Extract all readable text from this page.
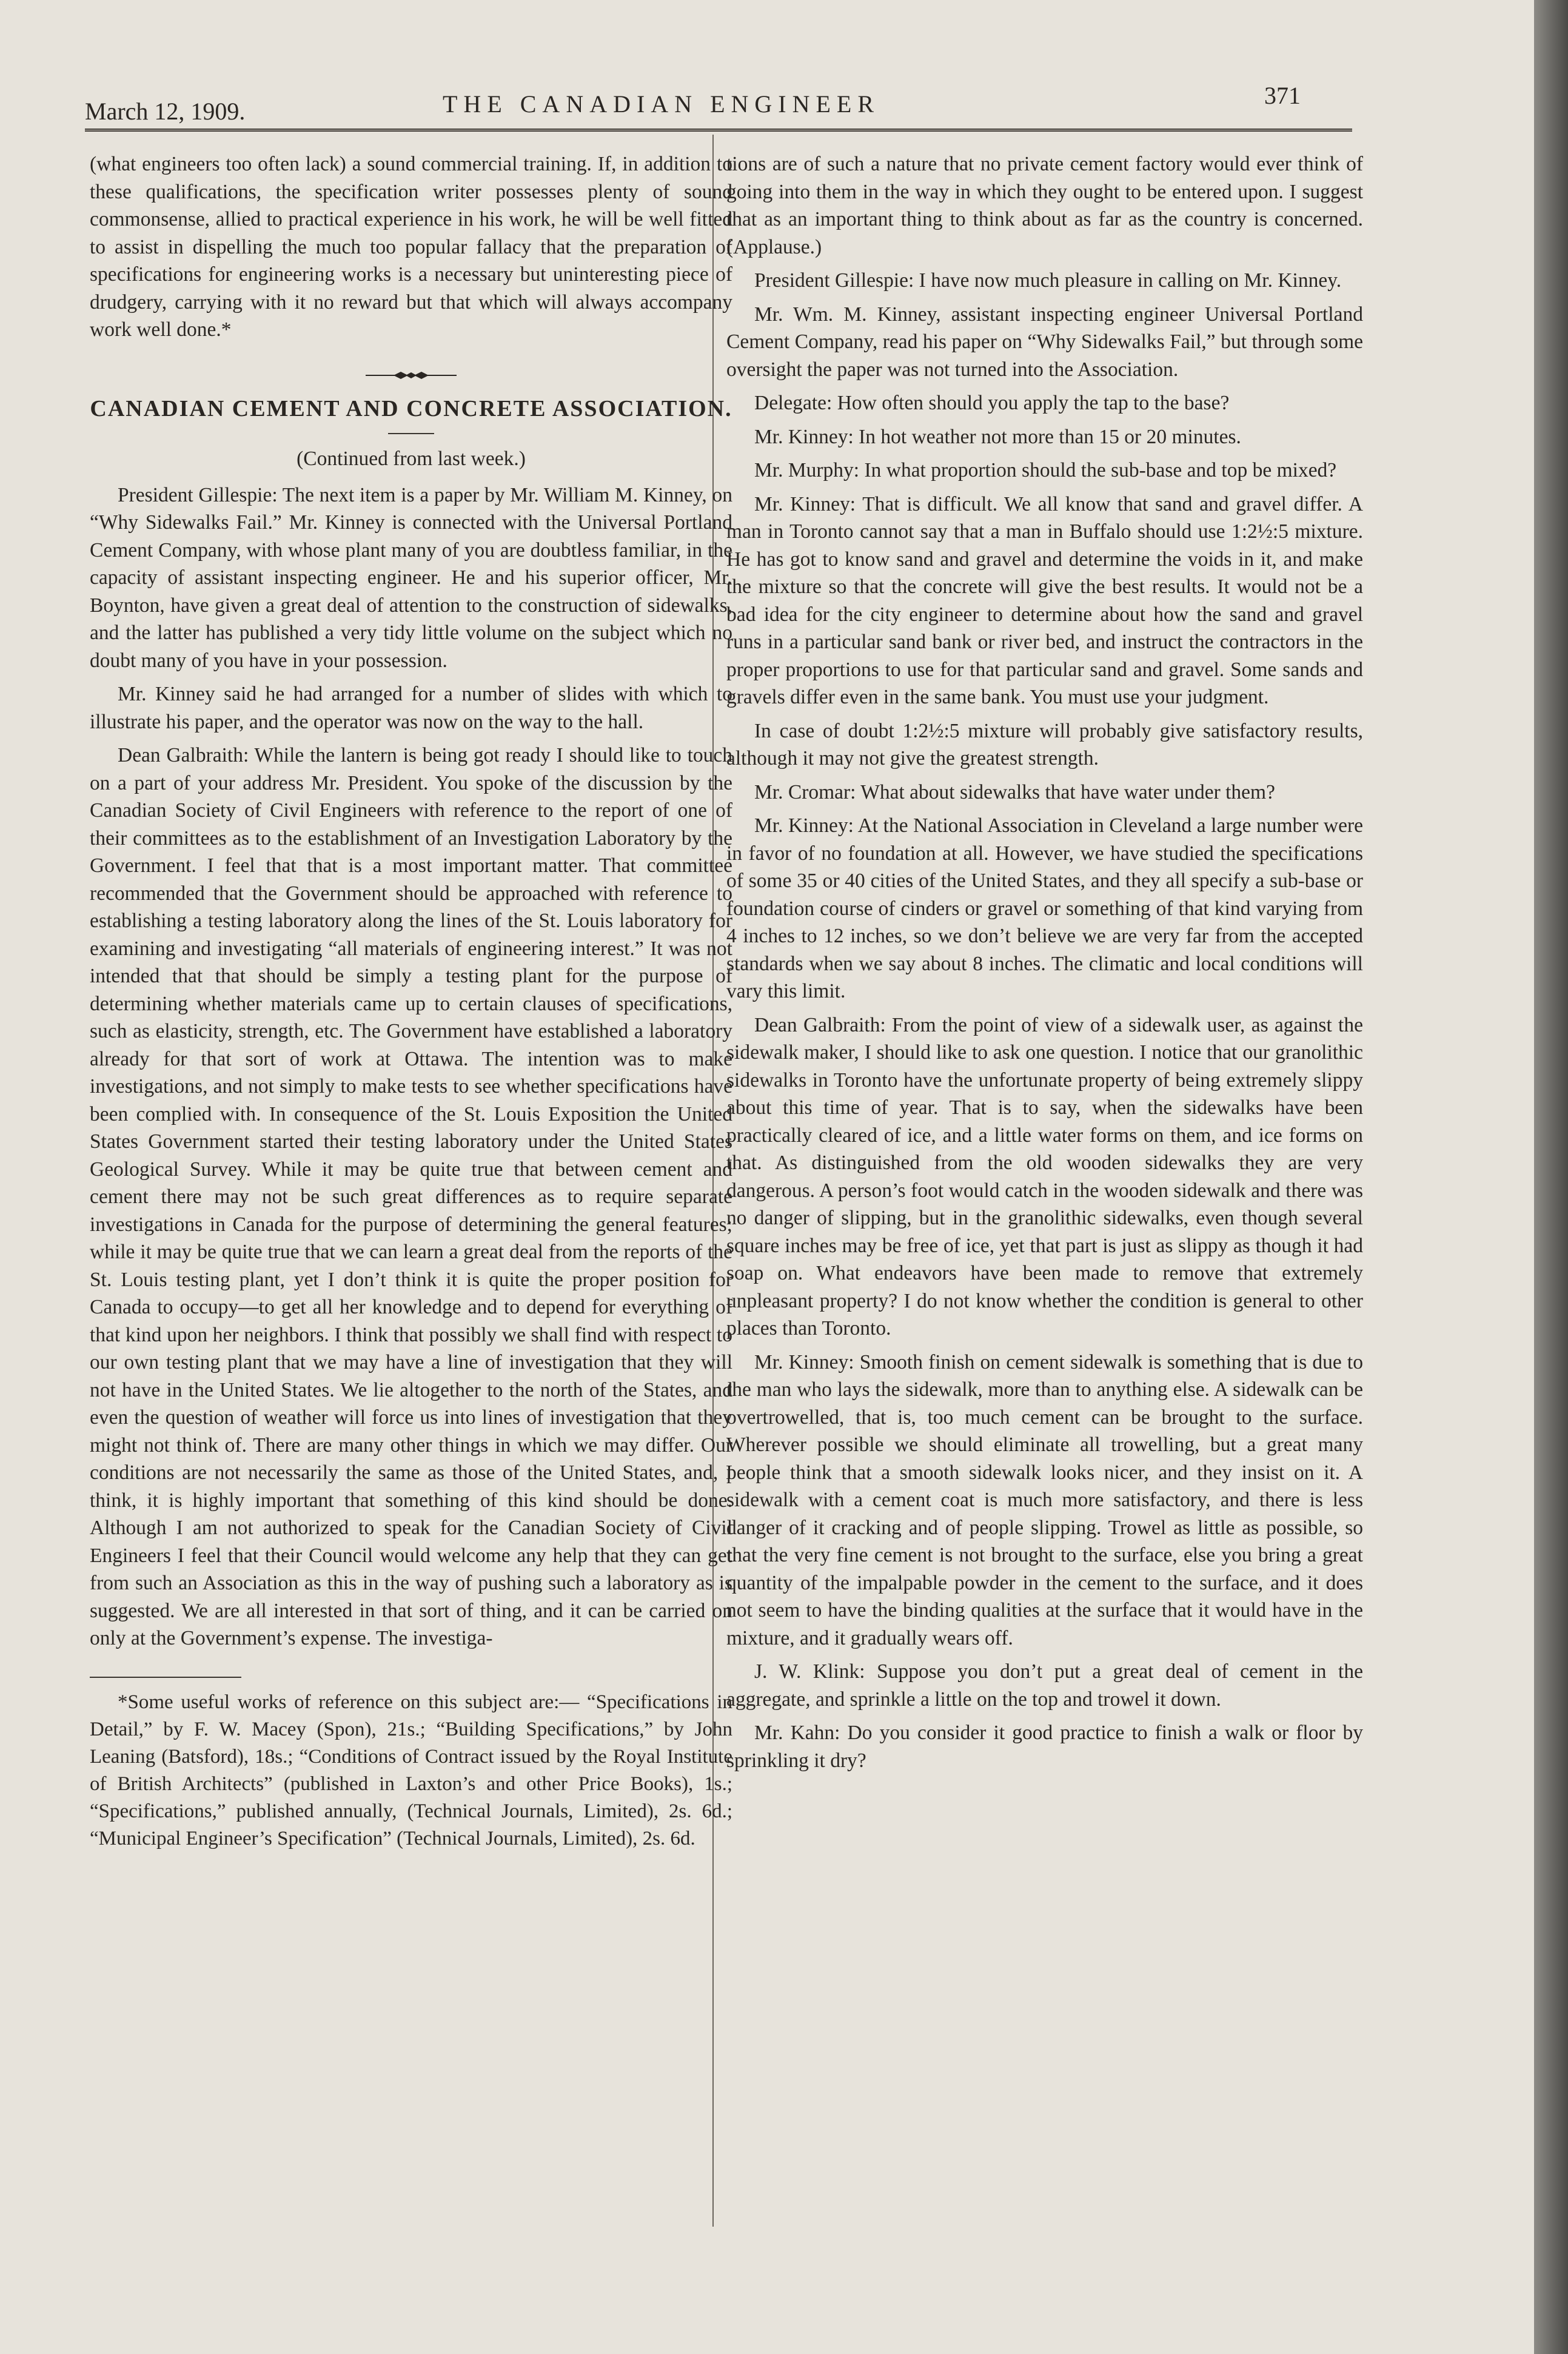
March 12, 1909.	THE CANADIAN ENGINEER	371

(what engineers too often lack) a sound commercial training. If, in addition to these qualifications, the specification writer possesses plenty of sound commonsense, allied to practical experience in his work, he will be well fitted to assist in dispelling the much too popular fallacy that the preparation of specifications for engineering works is a necessary but uninteresting piece of drudgery, carrying with it no reward but that which will always accompany work well done.*

CANADIAN CEMENT AND CONCRETE ASSOCIATION.
(Continued from last week.)

President Gillespie: The next item is a paper by Mr. William M. Kinney, on “Why Sidewalks Fail.” Mr. Kinney is connected with the Universal Portland Cement Company, with whose plant many of you are doubtless familiar, in the capacity of assistant inspecting engineer. He and his superior officer, Mr. Boynton, have given a great deal of attention to the construction of sidewalks, and the latter has published a very tidy little volume on the subject which no doubt many of you have in your possession.

Mr. Kinney said he had arranged for a number of slides with which to illustrate his paper, and the operator was now on the way to the hall.

Dean Galbraith: While the lantern is being got ready I should like to touch on a part of your address Mr. President. You spoke of the discussion by the Canadian Society of Civil Engineers with reference to the report of one of their committees as to the establishment of an Investigation Laboratory by the Government. I feel that that is a most important matter. That committee recommended that the Government should be approached with reference to establishing a testing laboratory along the lines of the St. Louis laboratory for examining and investigating “all materials of engineering interest.” It was not intended that that should be simply a testing plant for the purpose of determining whether materials came up to certain clauses of specifications, such as elasticity, strength, etc. The Government have established a laboratory already for that sort of work at Ottawa. The intention was to make investigations, and not simply to make tests to see whether specifications have been complied with. In consequence of the St. Louis Exposition the United States Government started their testing laboratory under the United States Geological Survey. While it may be quite true that between cement and cement there may not be such great differences as to require separate investigations in Canada for the purpose of determining the general features; while it may be quite true that we can learn a great deal from the reports of the St. Louis testing plant, yet I don’t think it is quite the proper position for Canada to occupy—to get all her knowledge and to depend for everything of that kind upon her neighbors. I think that possibly we shall find with respect to our own testing plant that we may have a line of investigation that they will not have in the United States. We lie altogether to the north of the States, and even the question of weather will force us into lines of investigation that they might not think of. There are many other things in which we may differ. Our conditions are not necessarily the same as those of the United States, and, I think, it is highly important that something of this kind should be done. Although I am not authorized to speak for the Canadian Society of Civil Engineers I feel that their Council would welcome any help that they can get from such an Association as this in the way of pushing such a laboratory as is suggested. We are all interested in that sort of thing, and it can be carried on only at the Government’s expense. The investiga-

*Some useful works of reference on this subject are:— “Specifications in Detail,” by F. W. Macey (Spon), 21s.; “Building Specifications,” by John Leaning (Batsford), 18s.; “Conditions of Contract issued by the Royal Institute of British Architects” (published in Laxton’s and other Price Books), 1s.; “Specifications,” published annually, (Technical Journals, Limited), 2s. 6d.; “Municipal Engineer’s Specification” (Technical Journals, Limited), 2s. 6d.

tions are of such a nature that no private cement factory would ever think of going into them in the way in which they ought to be entered upon. I suggest that as an important thing to think about as far as the country is concerned. (Applause.)

President Gillespie: I have now much pleasure in calling on Mr. Kinney.

Mr. Wm. M. Kinney, assistant inspecting engineer Universal Portland Cement Company, read his paper on “Why Sidewalks Fail,” but through some oversight the paper was not turned into the Association.

Delegate: How often should you apply the tap to the base?

Mr. Kinney: In hot weather not more than 15 or 20 minutes.

Mr. Murphy: In what proportion should the sub-base and top be mixed?

Mr. Kinney: That is difficult. We all know that sand and gravel differ. A man in Toronto cannot say that a man in Buffalo should use 1:2½:5 mixture. He has got to know sand and gravel and determine the voids in it, and make the mixture so that the concrete will give the best results. It would not be a bad idea for the city engineer to determine about how the sand and gravel runs in a particular sand bank or river bed, and instruct the contractors in the proper proportions to use for that particular sand and gravel. Some sands and gravels differ even in the same bank. You must use your judgment.

In case of doubt 1:2½:5 mixture will probably give satisfactory results, although it may not give the greatest strength.

Mr. Cromar: What about sidewalks that have water under them?

Mr. Kinney: At the National Association in Cleveland a large number were in favor of no foundation at all. However, we have studied the specifications of some 35 or 40 cities of the United States, and they all specify a sub-base or foundation course of cinders or gravel or something of that kind varying from 4 inches to 12 inches, so we don’t believe we are very far from the accepted standards when we say about 8 inches. The climatic and local conditions will vary this limit.

Dean Galbraith: From the point of view of a sidewalk user, as against the sidewalk maker, I should like to ask one question. I notice that our granolithic sidewalks in Toronto have the unfortunate property of being extremely slippy about this time of year. That is to say, when the sidewalks have been practically cleared of ice, and a little water forms on them, and ice forms on that. As distinguished from the old wooden sidewalks they are very dangerous. A person’s foot would catch in the wooden sidewalk and there was no danger of slipping, but in the granolithic sidewalks, even though several square inches may be free of ice, yet that part is just as slippy as though it had soap on. What endeavors have been made to remove that extremely unpleasant property? I do not know whether the condition is general to other places than Toronto.

Mr. Kinney: Smooth finish on cement sidewalk is something that is due to the man who lays the sidewalk, more than to anything else. A sidewalk can be overtrowelled, that is, too much cement can be brought to the surface. Wherever possible we should eliminate all trowelling, but a great many people think that a smooth sidewalk looks nicer, and they insist on it. A sidewalk with a cement coat is much more satisfactory, and there is less danger of it cracking and of people slipping. Trowel as little as possible, so that the very fine cement is not brought to the surface, else you bring a great quantity of the impalpable powder in the cement to the surface, and it does not seem to have the binding qualities at the surface that it would have in the mixture, and it gradually wears off.

J. W. Klink: Suppose you don’t put a great deal of cement in the aggregate, and sprinkle a little on the top and trowel it down.

Mr. Kahn: Do you consider it good practice to finish a walk or floor by sprinkling it dry?
